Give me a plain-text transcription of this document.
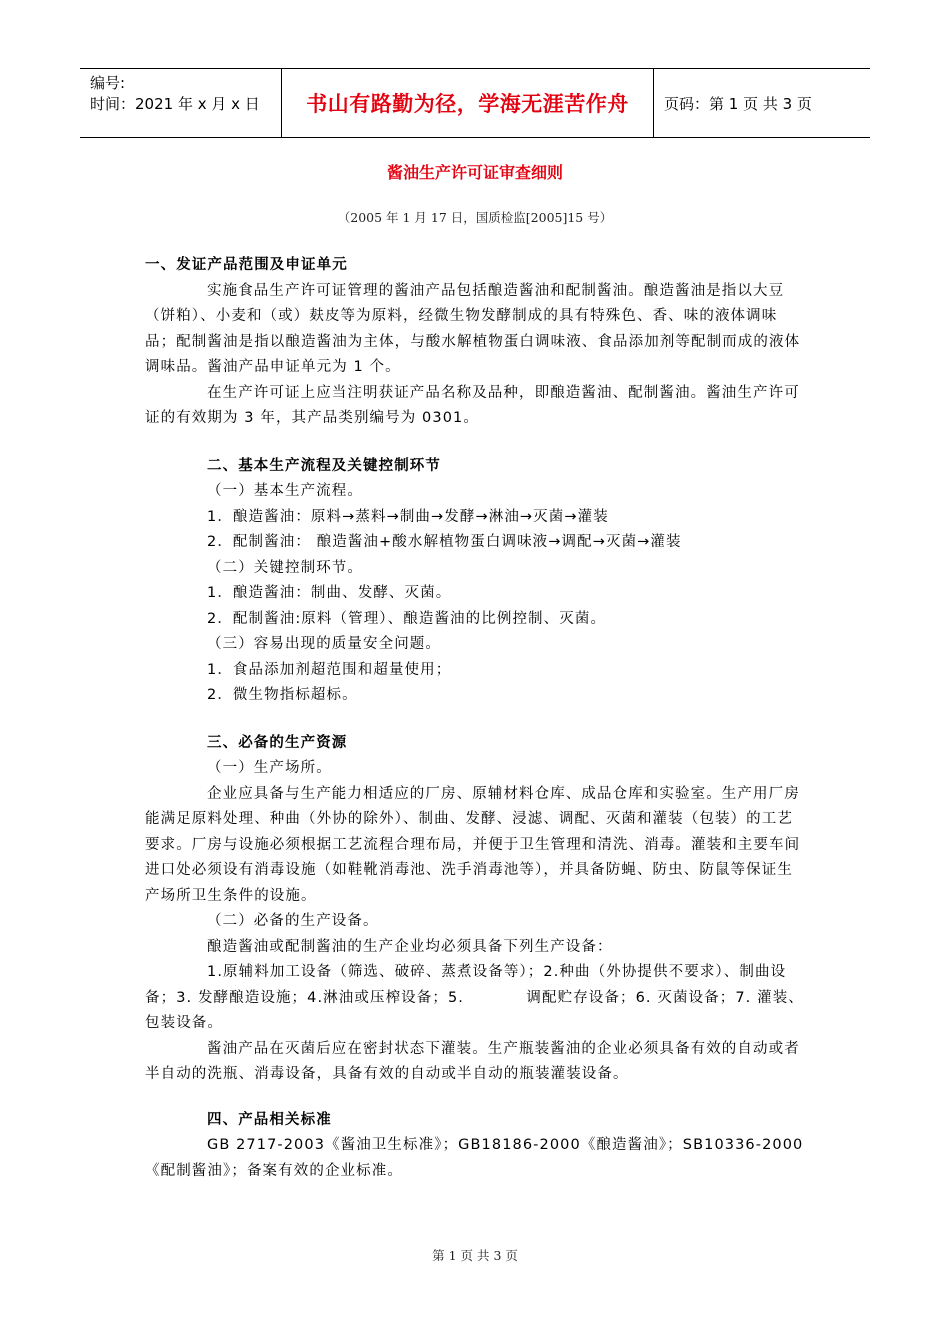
编号:
时间：2021 年 x 月 x 日	书山有路勤为径，学海无涯苦作舟 页码：第 1 页 共 3 页
酱油生产许可证审查细则
（2005 年 1 月 17 日，国质检监[2005]15 号）

一、发证产品范围及申证单元

实施食品生产许可证管理的酱油产品包括酿造酱油和配制酱油。酿造酱油是指以大豆（饼粕）、小麦和（或）麸皮等为原料，经微生物发酵制成的具有特殊色、香、味的液体调味品；配制酱油是指以酿造酱油为主体，与酸水解植物蛋白调味液、食品添加剂等配制而成的液体调味品。酱油产品申证单元为 1 个。

在生产许可证上应当注明获证产品名称及品种，即酿造酱油、配制酱油。酱油生产许可证的有效期为 3 年，其产品类别编号为 0301。

二、基本生产流程及关键控制环节

（一）基本生产流程。

1．酿造酱油：原料→蒸料→制曲→发酵→淋油→灭菌→灌装

2．配制酱油： 酿造酱油+酸水解植物蛋白调味液→调配→灭菌→灌装

（二）关键控制环节。

1．酿造酱油：制曲、发酵、灭菌。

2．配制酱油:原料（管理）、酿造酱油的比例控制、灭菌。

（三）容易出现的质量安全问题。

1．食品添加剂超范围和超量使用；

2．微生物指标超标。

三、必备的生产资源

（一）生产场所。

企业应具备与生产能力相适应的厂房、原辅材料仓库、成品仓库和实验室。生产用厂房能满足原料处理、种曲（外协的除外）、制曲、发酵、浸滤、调配、灭菌和灌装（包装）的工艺要求。厂房与设施必须根据工艺流程合理布局，并便于卫生管理和清洗、消毒。灌装和主要车间进口处必须设有消毒设施（如鞋靴消毒池、洗手消毒池等），并具备防蝇、防虫、防鼠等保证生产场所卫生条件的设施。

（二）必备的生产设备。

酿造酱油或配制酱油的生产企业均必须具备下列生产设备：

1.原辅料加工设备（筛选、破碎、蒸煮设备等）；2.种曲（外协提供不要求）、制曲设备；3. 发酵酿造设施；4.淋油或压榨设备；5.　　　　调配贮存设备；6. 灭菌设备；7. 灌装、包装设备。

酱油产品在灭菌后应在密封状态下灌装。生产瓶装酱油的企业必须具备有效的自动或者半自动的洗瓶、消毒设备，具备有效的自动或半自动的瓶装灌装设备。

四、产品相关标准

GB 2717-2003《酱油卫生标准》；GB18186-2000《酿造酱油》；SB10336-2000《配制酱油》；备案有效的企业标准。

第 1 页 共 3 页
